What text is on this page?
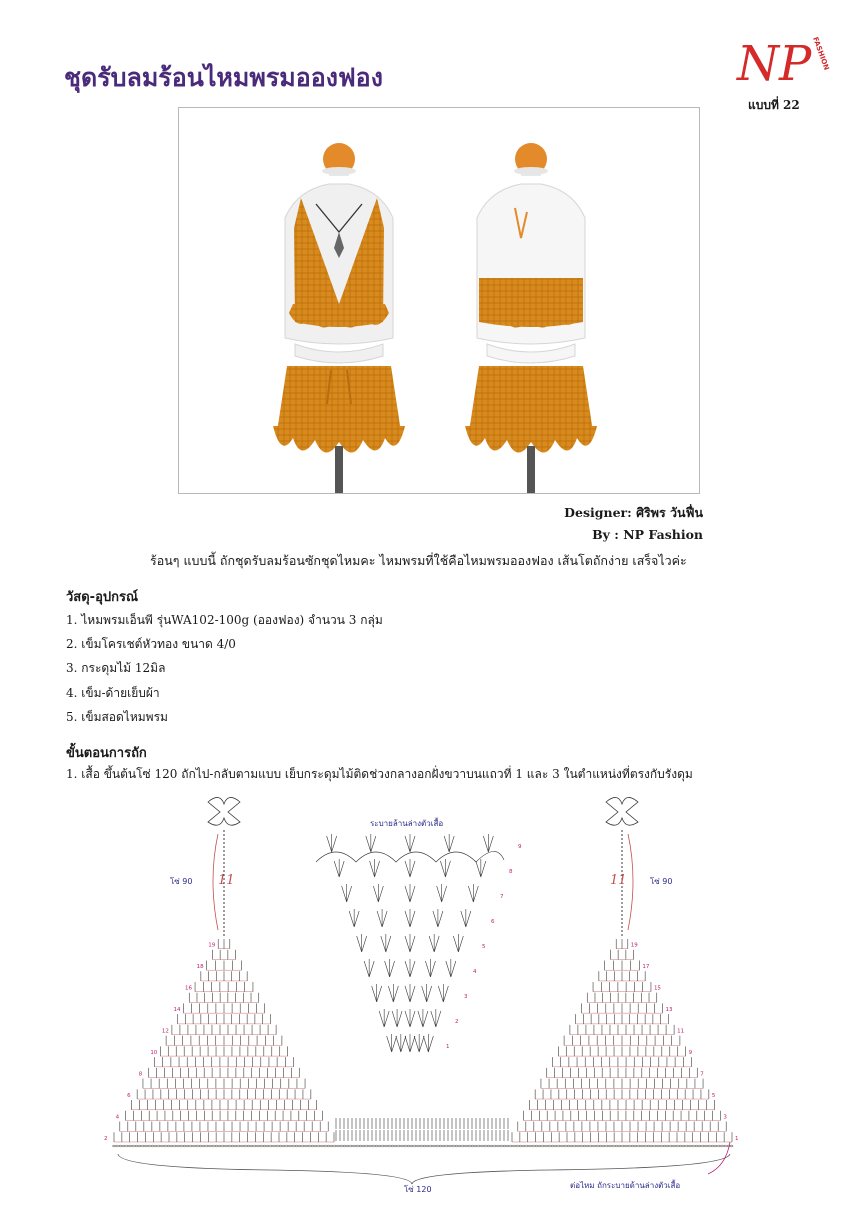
ชุดรับลมร้อนไหมพรมอองฟอง	NP FASHION
แบบที่ 22
Designer: ศิริพร วันฟื่น
By : NP Fashion
ร้อนๆ แบบนี้ ถักชุดรับลมร้อนซักชุดไหมคะ ไหมพรมที่ใช้คือไหมพรมอองฟอง เส้นโตถักง่าย เสร็จไวค่ะ
วัสดุ-อุปกรณ์
1. ไหมพรมเอ็นพี รุ่นWA102-100g (อองฟอง) จำนวน 3 กลุ่ม
2. เข็มโครเชต์หัวทอง ขนาด 4/0
3. กระดุมไม้ 12มิล
4. เข็ม-ด้ายเย็บผ้า
5. เข็มสอดไหมพรม
ขั้นตอนการถัก
1. เสื้อ ขึ้นต้นโซ่ 120 ถักไป-กลับตามแบบ เย็บกระดุมไม้ติดช่วงกลางอกฝั่งขวาบนแถวที่ 1 และ 3 ในตำแหน่งที่ตรงกับรังดุม
2
4
6
8
10
12
14
16
18
19
1
3
5
7
9
11
13
15
17
19
1
2
3
4
5
6
7
8
9
โซ่ 90 11	โซ่ 90
11
ระบายล้านล่างตัวเสื้อ
โซ่ 120	ต่อไหม ถักระบายด้านล่างตัวเสื้อ
